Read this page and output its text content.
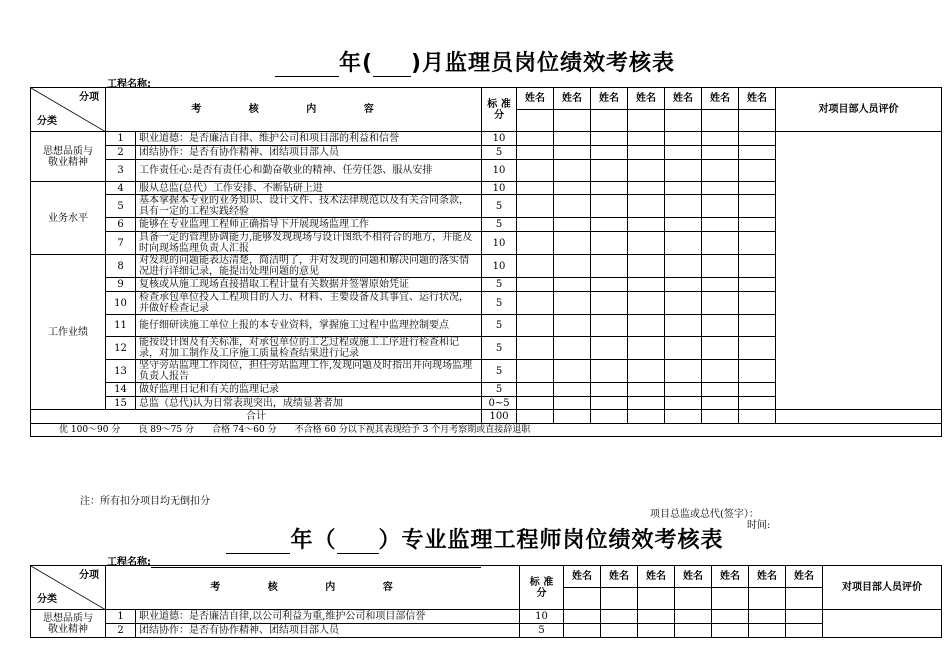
年( )月监理员岗位绩效考核表
工程名称:
分项
分类	考 核 内 容		标 准
分	姓名	姓名	姓名	姓名	姓名	姓名	姓名	对项目部人员评价

思想品质与
敬业精神	1	职业道德：是否廉洁自律、维护公司和项目部的利益和信誉	10								
	2	团结协作：是否有协作精神、团结项目部人员	5								
	3	工作责任心:是否有责任心和勤奋敬业的精神、任劳任怨、服从安排	10								
业务水平	4	服从总监(总代）工作安排、不断钻研上进	10								
	5	基本掌握本专业的业务知识、设计文件、技术法律规范以及有关合同条款，具有一定的工程实践经验	5								
	6	能够在专业监理工程师正确指导下开展现场监理工作	5								
	7	具备一定的管理协调能力,能够发现现场与设计图纸不相符合的地方，并能及时向现场监理负责人汇报	10								
工作业绩	8	对发现的问题能表达清楚，简洁明了，并对发现的问题和解决问题的落实情况进行详细记录，能提出处理问题的意见	10								
	9	复核或从施工现场直接措取工程计量有关数据并签署原始凭证	5								
	10	检查承包单位投入工程项目的人力、材料、主要设备及其事宜、运行状况，并做好检查记录	5								
	11	能仔细研读施工单位上报的本专业资料，掌握施工过程中监理控制要点	5								
	12	能按设计图及有关标准，对承包单位的工艺过程或施工工序进行检查和记录，对加工制作及工序施工质量检查结果进行记录	5								
	13	坚守旁站监理工作岗位，担任旁站监理工作,发现问题及时指出并向现场监理负责人报告	5								
	14	做好监理日记和有关的监理记录	5								
	15	总监（总代)认为日常表现突出，成绩显著者加	0~5								
合计			100								
优 100～90 分　　良 89～75 分　　合格 74～60 分　　不合格 60 分以下视其表现给予 3 个月考察期或直接辞退职											
注：所有扣分项目均无倒扣分
项目总监或总代(签字）：
时间:
年（ ）专业监理工程师岗位绩效考核表
工程名称:
分项
分类	考 核 内 容		标 准
分	姓名	姓名	姓名	姓名	姓名	姓名	姓名	对项目部人员评价

思想品质与
敬业精神	1	职业道德：是否廉洁自律,以公司利益为重,维护公司和项目部信誉	10								
	2	团结协作：是否有协作精神、团结项目部人员	5								
